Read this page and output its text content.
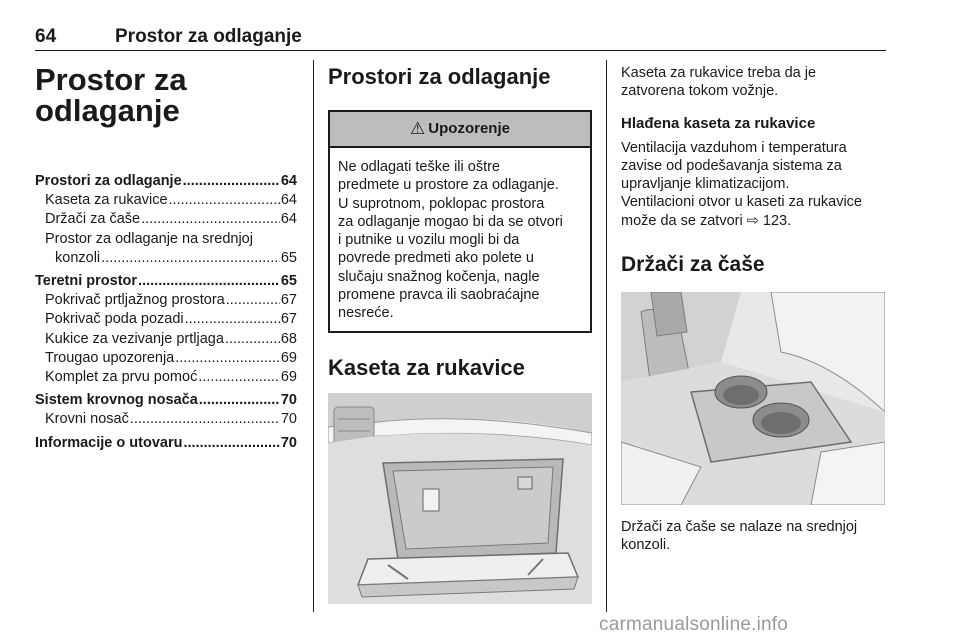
64	Prostor za odlaganje
Prostor za
odlaganje
Prostori za odlaganje .....	64
Kaseta za rukavice .....	64
Držači za čaše .....	64
Prostor za odlaganje na srednjoj
konzoli .....	65
Teretni prostor .....	65
Pokrivač prtljažnog prostora .....	67
Pokrivač poda pozadi .....	67
Kukice za vezivanje prtljaga .....	68
Trougao upozorenja .....	69
Komplet za prvu pomoć .....	69
Sistem krovnog nosača .....	70
Krovni nosač .....	70
Informacije o utovaru .....	70
Prostori za odlaganje
⚠ Upozorenje
Ne odlagati teške ili oštre
predmete u prostore za odlaganje.
U suprotnom, poklopac prostora
za odlaganje mogao bi da se otvori
i putnike u vozilu mogli bi da
povrede predmeti ako polete u
slučaju snažnog kočenja, nagle
promene pravca ili saobraćajne
nesreće.
Kaseta za rukavice

Kaseta za rukavice treba da je
zatvorena tokom vožnje.

Hlađena kaseta za rukavice

Ventilacija vazduhom i temperatura
zavise od podešavanja sistema za
upravljanje klimatizacijom.
Ventilacioni otvor u kaseti za rukavice
može da se zatvori ⇨ 123.

Držači za čaše

Držači za čaše se nalaze na srednjoj
konzoli.

carmanualsonline.info
